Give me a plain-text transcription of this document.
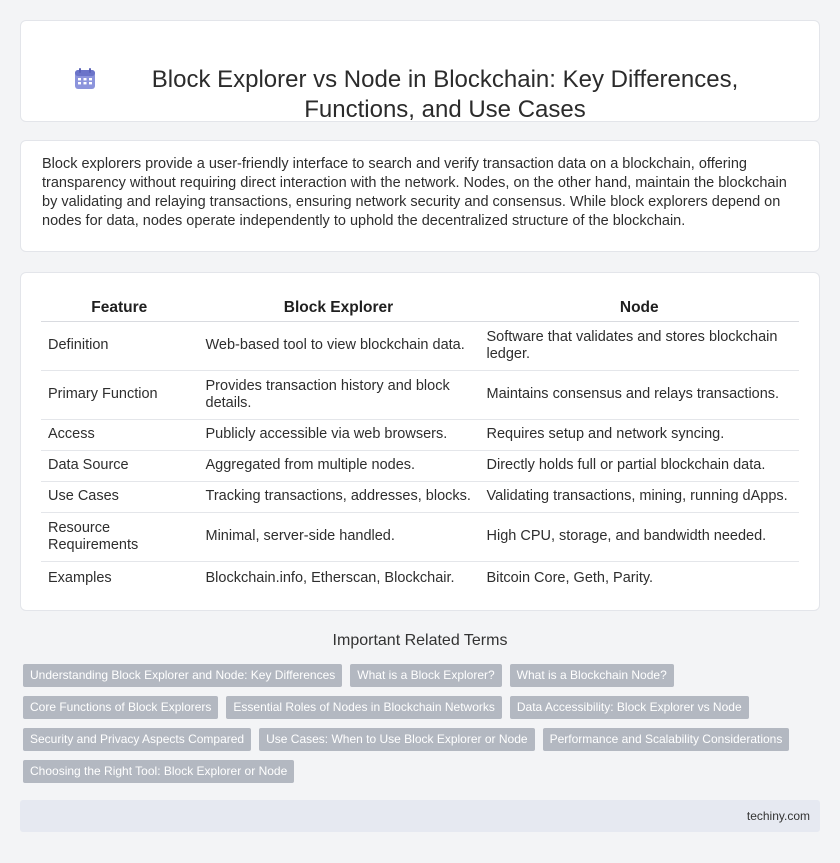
Block Explorer vs Node in Blockchain: Key Differences, Functions, and Use Cases

Block explorers provide a user-friendly interface to search and verify transaction data on a blockchain, offering transparency without requiring direct interaction with the network. Nodes, on the other hand, maintain the blockchain by validating and relaying transactions, ensuring network security and consensus. While block explorers depend on nodes for data, nodes operate independently to uphold the decentralized structure of the blockchain.

Feature	Block Explorer	Node
Definition	Web-based tool to view blockchain data.	Software that validates and stores blockchain ledger.
Primary Function	Provides transaction history and block details.	Maintains consensus and relays transactions.
Access	Publicly accessible via web browsers.	Requires setup and network syncing.
Data Source	Aggregated from multiple nodes.	Directly holds full or partial blockchain data.
Use Cases	Tracking transactions, addresses, blocks.	Validating transactions, mining, running dApps.
Resource Requirements	Minimal, server-side handled.	High CPU, storage, and bandwidth needed.
Examples	Blockchain.info, Etherscan, Blockchair.	Bitcoin Core, Geth, Parity.
Important Related Terms
Understanding Block Explorer and Node: Key Differences	What is a Block Explorer?	What is a Blockchain Node?
Core Functions of Block Explorers	Essential Roles of Nodes in Blockchain Networks	Data Accessibility: Block Explorer vs Node
Security and Privacy Aspects Compared	Use Cases: When to Use Block Explorer or Node	Performance and Scalability Considerations
Choosing the Right Tool: Block Explorer or Node
techiny.com
